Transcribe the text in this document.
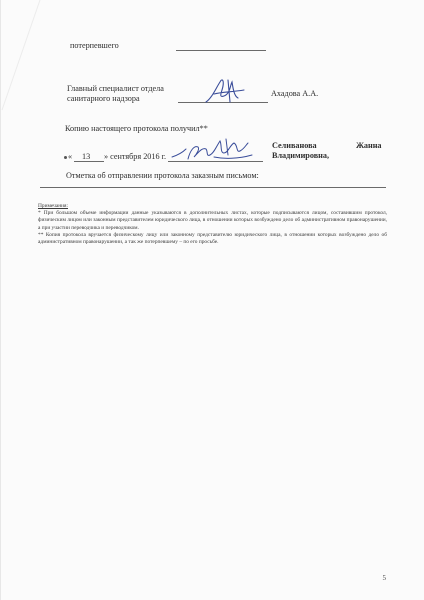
потерпевшего
Главный специалист отдела
санитарного надзора
Ахадова А.А.
Копию настоящего протокола получил**
« 13 » сентября 2016 г.
Селиванова	Жанна
Владимировна,
Отметка об отправлении протокола заказным письмом:

Примечания:

* При большом объеме информации данные указываются в дополнительных листах, которые подписываются лицом, составившим протокол, физическим лицом или законным представителем юридического лица, в отношении которых возбуждено дело об административном правонарушении, а при участии переводчика и переводчиком.

** Копия протокола вручается физическому лицу или законному представителю юридического лица, в отношении которых возбуждено дело об административном правонарушении, а так же потерпевшему – по его просьбе.

5
